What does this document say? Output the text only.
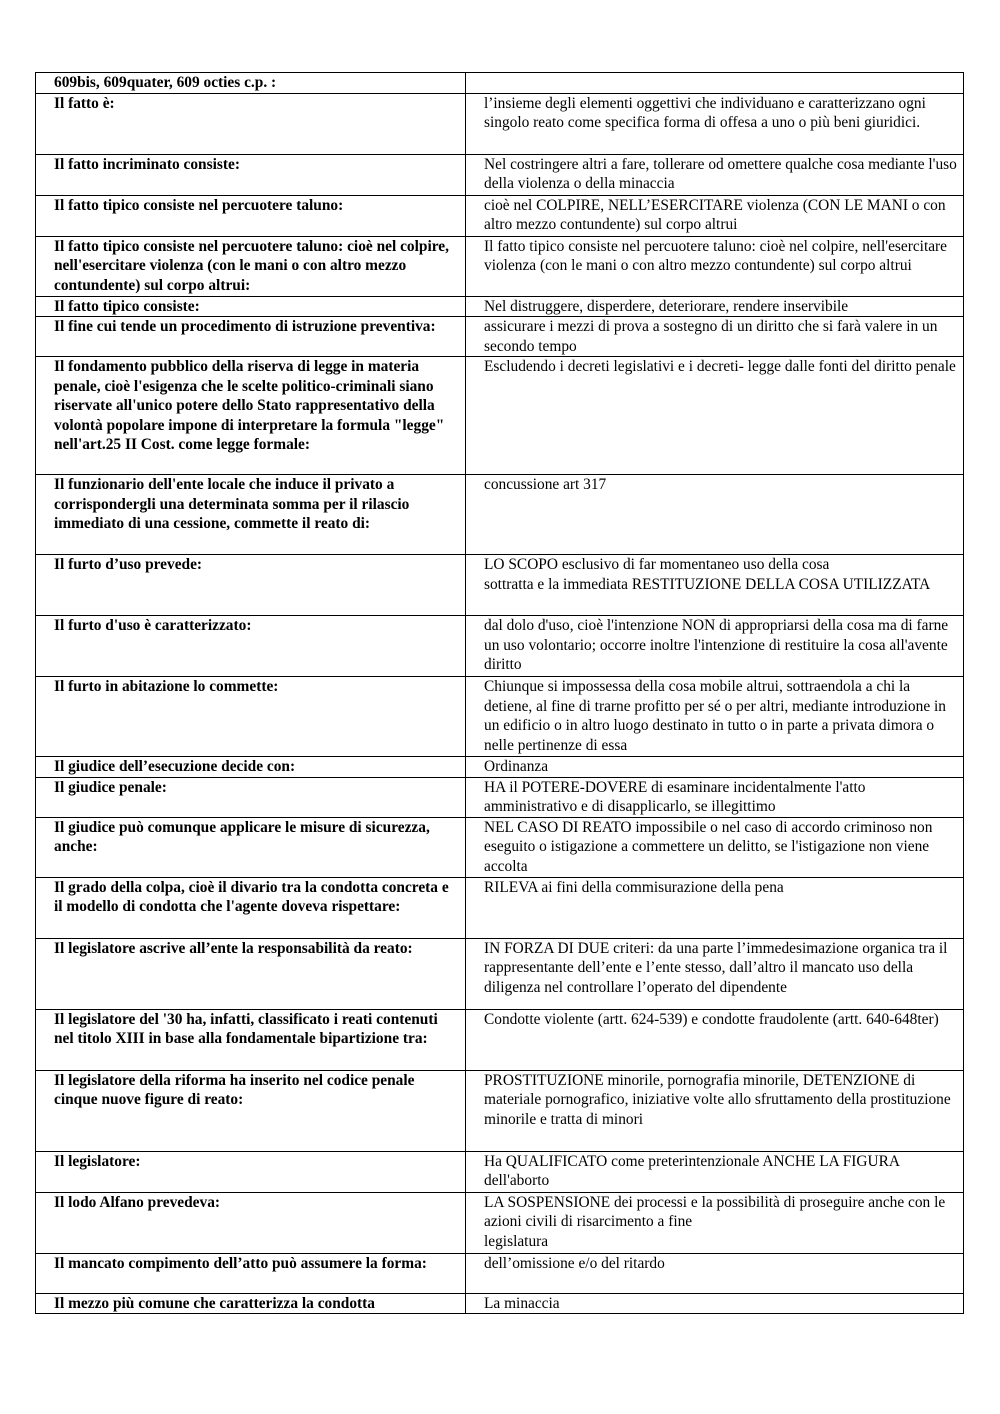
609bis, 609quater, 609 octies c.p. :	

Il fatto è:	l’insieme degli elementi oggettivi che individuano e caratterizzano ogni singolo reato come specifica forma di offesa a uno o più beni giuridici.

Il fatto incriminato consiste:	Nel costringere altri a fare, tollerare od omettere qualche cosa mediante l'uso della violenza o della minaccia

Il fatto tipico consiste nel percuotere taluno:	cioè nel COLPIRE, NELL’ESERCITARE violenza (CON LE MANI o con altro mezzo contundente) sul corpo altrui

Il fatto tipico consiste nel percuotere taluno: cioè nel colpire, nell'esercitare violenza (con le mani o con altro mezzo contundente) sul corpo altrui:	Il fatto tipico consiste nel percuotere taluno: cioè nel colpire, nell'esercitare violenza (con le mani o con altro mezzo contundente) sul corpo altrui

Il fatto tipico consiste:	Nel distruggere, disperdere, deteriorare, rendere inservibile

Il fine cui tende un procedimento di istruzione preventiva:	assicurare i mezzi di prova a sostegno di un diritto che si farà valere in un secondo tempo

Il fondamento pubblico della riserva di legge in materia penale, cioè l'esigenza che le scelte politico-criminali siano riservate all'unico potere dello Stato rappresentativo della volontà popolare impone di interpretare la formula "legge" nell'art.25 II Cost. come legge formale:	Escludendo i decreti legislativi e i decreti- legge dalle fonti del diritto penale

Il funzionario dell'ente locale che induce il privato a corrispondergli una determinata somma per il rilascio immediato di una cessione, commette il reato di:	concussione art 317

Il furto d’uso prevede:	LO SCOPO esclusivo di far momentaneo uso della cosa
sottratta e la immediata RESTITUZIONE DELLA COSA UTILIZZATA

Il furto d'uso è caratterizzato:	dal dolo d'uso, cioè l'intenzione NON di appropriarsi della cosa ma di farne un uso volontario; occorre inoltre l'intenzione di restituire la cosa all'avente diritto

Il furto in abitazione lo commette:	Chiunque si impossessa della cosa mobile altrui, sottraendola a chi la detiene, al fine di trarne profitto per sé o per altri, mediante introduzione in un edificio o in altro luogo destinato in tutto o in parte a privata dimora o nelle pertinenze di essa

Il giudice dell’esecuzione decide con:	Ordinanza

Il giudice penale:	HA il POTERE-DOVERE di esaminare incidentalmente l'atto amministrativo e di disapplicarlo, se illegittimo

Il giudice può comunque applicare le misure di sicurezza, anche:	NEL CASO DI REATO impossibile o nel caso di accordo criminoso non eseguito o istigazione a commettere un delitto, se l'istigazione non viene accolta

Il grado della colpa, cioè il divario tra la condotta concreta e il modello di condotta che l'agente doveva rispettare:	RILEVA ai fini della commisurazione della pena

Il legislatore ascrive all’ente la responsabilità da reato:	IN FORZA DI DUE criteri: da una parte l’immedesimazione organica tra il rappresentante dell’ente e l’ente stesso, dall’altro il mancato uso della diligenza nel controllare l’operato del dipendente

Il legislatore del '30 ha, infatti, classificato i reati contenuti nel titolo XIII in base alla fondamentale bipartizione tra:	Condotte violente (artt. 624-539) e condotte fraudolente (artt. 640-648ter)

Il legislatore della riforma ha inserito nel codice penale cinque nuove figure di reato:	PROSTITUZIONE minorile, pornografia minorile, DETENZIONE di materiale pornografico, iniziative volte allo sfruttamento della prostituzione minorile e tratta di minori

Il legislatore:	Ha QUALIFICATO come preterintenzionale ANCHE LA FIGURA dell'aborto

Il lodo Alfano prevedeva:	LA SOSPENSIONE dei processi e la possibilità di proseguire anche con le azioni civili di risarcimento a fine
legislatura

Il mancato compimento dell’atto può assumere la forma:	dell’omissione e/o del ritardo

Il mezzo più comune che caratterizza la condotta	La minaccia
